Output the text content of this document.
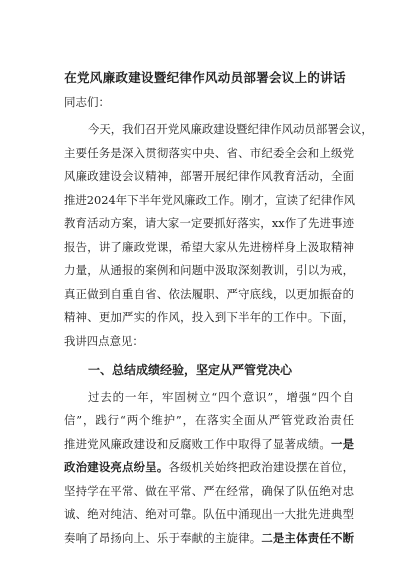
在党风廉政建设暨纪律作风动员部署会议上的讲话
同志们：
今天，我们召开党风廉政建设暨纪律作风动员部署会议，
主要任务是深入贯彻落实中央、省、市纪委全会和上级党
风廉政建设会议精神，部署开展纪律作风教育活动，全面
推进2024年下半年党风廉政工作。刚才，宣读了纪律作风
教育活动方案，请大家一定要抓好落实，xx作了先进事迹
报告，讲了廉政党课，希望大家从先进榜样身上汲取精神
力量，从通报的案例和问题中汲取深刻教训，引以为戒，
真正做到自重自省、依法履职、严守底线，以更加振奋的
精神、更加严实的作风，投入到下半年的工作中。下面，
我讲四点意见：
过去的一年，牢固树立“四个意识”，增强“四个自
信”，践行“两个维护”，在落实全面从严管党政治责任
推进党风廉政建设和反腐败工作中取得了显著成绩。一是
政治建设亮点纷呈。各级机关始终把政治建设摆在首位，
坚持学在平常、做在平常、严在经常，确保了队伍绝对忠
诚、绝对纯洁、绝对可靠。队伍中涌现出一大批先进典型
奏响了昂扬向上、乐于奉献的主旋律。二是主体责任不断
一、总结成绩经验，坚定从严管党决心
